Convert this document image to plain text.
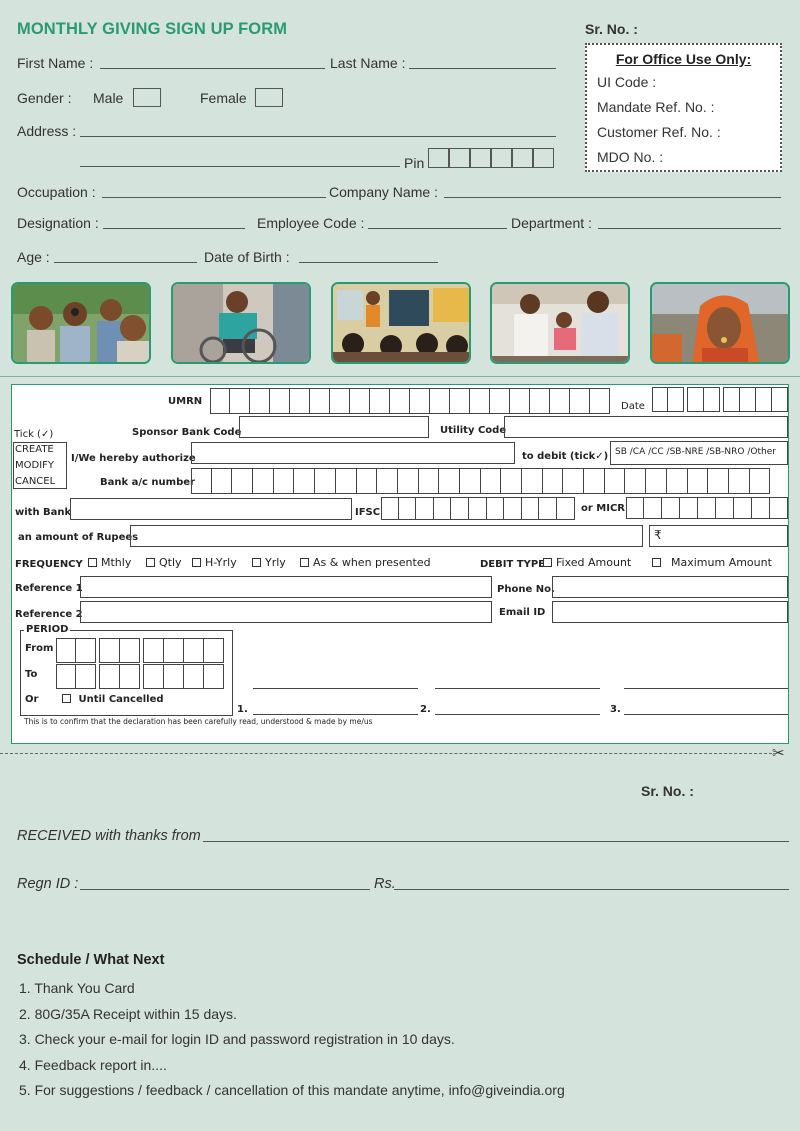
MONTHLY GIVING SIGN UP FORM	Sr. No. :
First Name :	Last Name :
Gender : Male	Female
Address :
Pin
Occupation :	Company Name :
Designation :	Employee Code :	Department :
Age :	Date of Birth :
For Office Use Only:
UI Code :
Mandate Ref. No. :
Customer Ref. No. :
MDO No. :
UMRN	Date
Tick (✓)
CREATE
MODIFY
CANCEL
Sponsor Bank Code	Utility Code
I/We hereby authorize	to debit (tick✓) SB /CA /CC /SB-NRE /SB-NRO /Other
Bank a/c number
with Bank	IFSC	or MICR
an amount of Rupees	₹
FREQUENCY	Mthly	Qtly	H-Yrly	Yrly	As & when presented	DEBIT TYPE	Fixed Amount	Maximum Amount
Reference 1	Phone No.
Reference 2	Email ID
PERIOD
From
To
Or	Until Cancelled
1.	2.	3.
This is to confirm that the declaration has been carefully read, understood & made by me/us
✂
Sr. No. :
RECEIVED with thanks from
Regn ID :	Rs.
Schedule / What Next
1. Thank You Card
2. 80G/35A Receipt within 15 days.
3. Check your e-mail for login ID and password registration in 10 days.
4. Feedback report in....
5. For suggestions / feedback / cancellation of this mandate anytime, info@giveindia.org
